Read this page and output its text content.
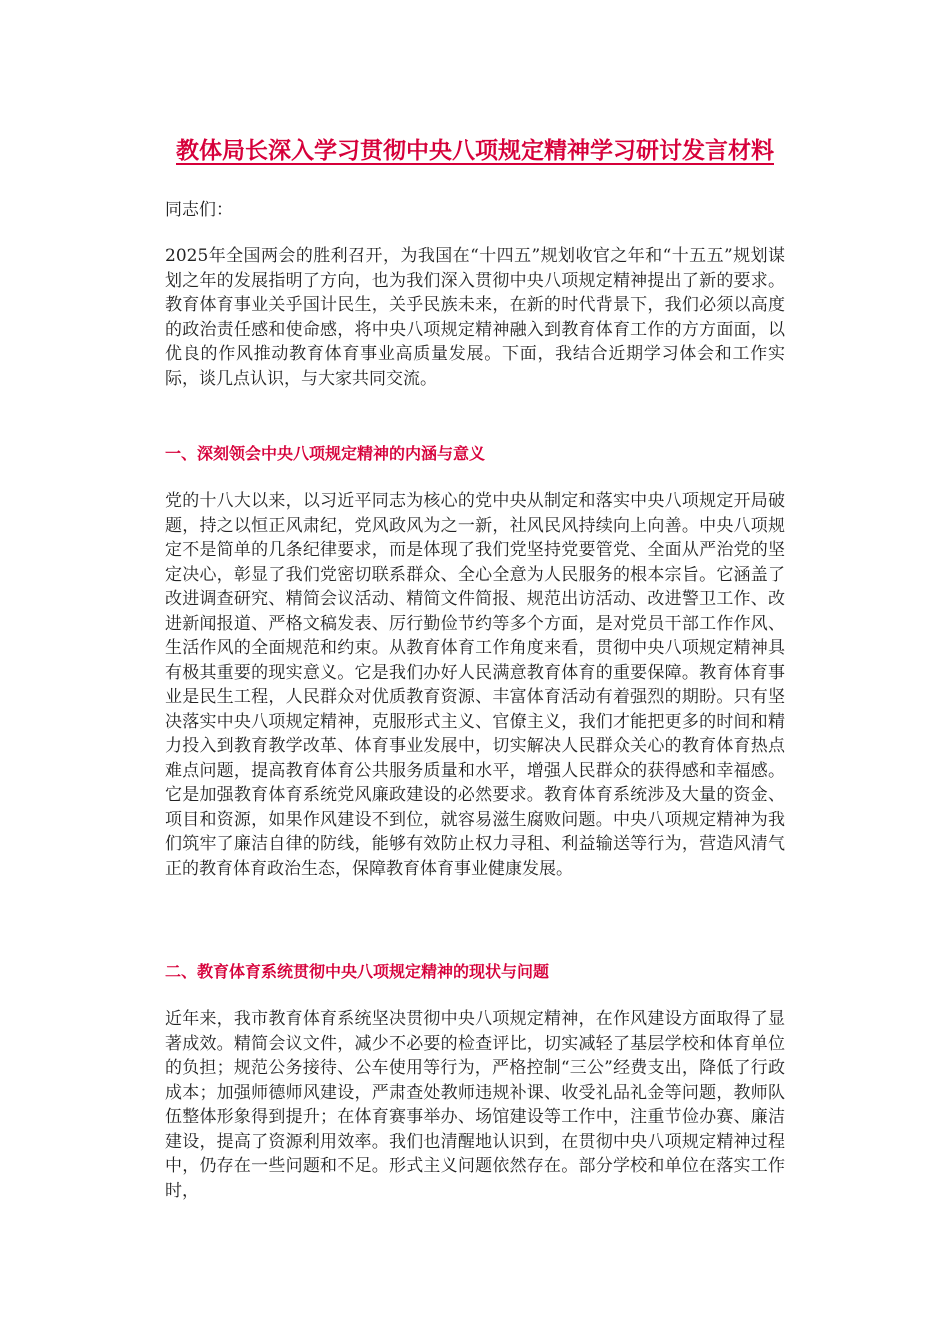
教体局长深入学习贯彻中央八项规定精神学习研讨发言材料

同志们：

2025年全国两会的胜利召开，为我国在“十四五”规划收官之年和“十五五”规划谋划之年的发展指明了方向，也为我们深入贯彻中央八项规定精神提出了新的要求。教育体育事业关乎国计民生，关乎民族未来，在新的时代背景下，我们必须以高度的政治责任感和使命感，将中央八项规定精神融入到教育体育工作的方方面面，以优良的作风推动教育体育事业高质量发展。下面，我结合近期学习体会和工作实际，谈几点认识，与大家共同交流。

一、深刻领会中央八项规定精神的内涵与意义

党的十八大以来，以习近平同志为核心的党中央从制定和落实中央八项规定开局破题，持之以恒正风肃纪，党风政风为之一新，社风民风持续向上向善。中央八项规定不是简单的几条纪律要求，而是体现了我们党坚持党要管党、全面从严治党的坚定决心，彰显了我们党密切联系群众、全心全意为人民服务的根本宗旨。它涵盖了改进调查研究、精简会议活动、精简文件简报、规范出访活动、改进警卫工作、改进新闻报道、严格文稿发表、厉行勤俭节约等多个方面，是对党员干部工作作风、生活作风的全面规范和约束。从教育体育工作角度来看，贯彻中央八项规定精神具有极其重要的现实意义。它是我们办好人民满意教育体育的重要保障。教育体育事业是民生工程，人民群众对优质教育资源、丰富体育活动有着强烈的期盼。只有坚决落实中央八项规定精神，克服形式主义、官僚主义，我们才能把更多的时间和精力投入到教育教学改革、体育事业发展中，切实解决人民群众关心的教育体育热点难点问题，提高教育体育公共服务质量和水平，增强人民群众的获得感和幸福感。它是加强教育体育系统党风廉政建设的必然要求。教育体育系统涉及大量的资金、项目和资源，如果作风建设不到位，就容易滋生腐败问题。中央八项规定精神为我们筑牢了廉洁自律的防线，能够有效防止权力寻租、利益输送等行为，营造风清气正的教育体育政治生态，保障教育体育事业健康发展。

二、教育体育系统贯彻中央八项规定精神的现状与问题

近年来，我市教育体育系统坚决贯彻中央八项规定精神，在作风建设方面取得了显著成效。精简会议文件，减少不必要的检查评比，切实减轻了基层学校和体育单位的负担；规范公务接待、公车使用等行为，严格控制“三公”经费支出，降低了行政成本；加强师德师风建设，严肃查处教师违规补课、收受礼品礼金等问题，教师队伍整体形象得到提升；在体育赛事举办、场馆建设等工作中，注重节俭办赛、廉洁建设，提高了资源利用效率。我们也清醒地认识到，在贯彻中央八项规定精神过程中，仍存在一些问题和不足。形式主义问题依然存在。部分学校和单位在落实工作时，
